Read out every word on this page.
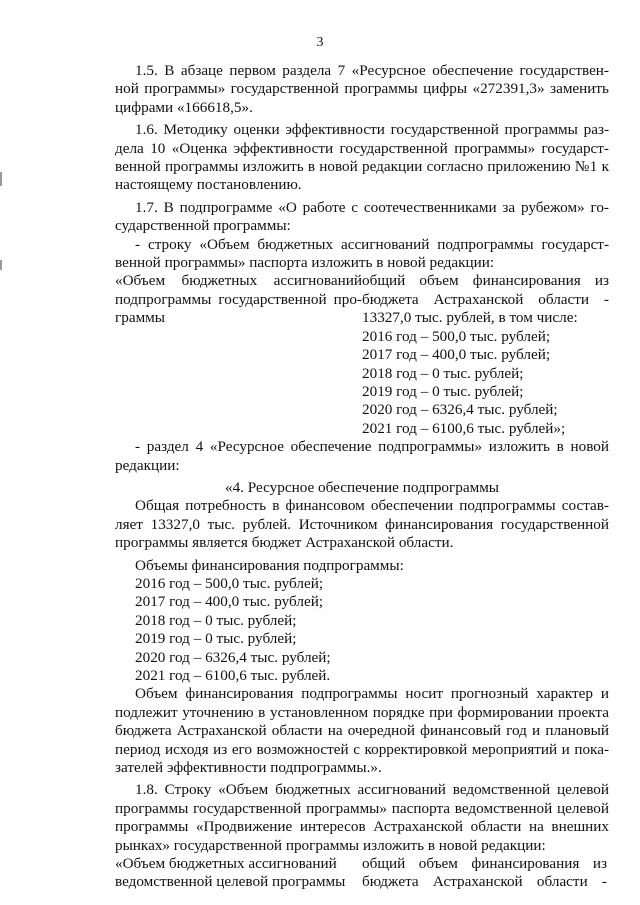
3
1.5. В абзаце первом раздела 7 «Ресурсное обеспечение государствен-
ной программы» государственной программы цифры «272391,3» заменить
цифрами «166618,5».
1.6. Методику оценки эффективности государственной программы раз-
дела 10 «Оценка эффективности государственной программы» государст-
венной программы изложить в новой редакции согласно приложению №1 к
настоящему постановлению.
1.7. В подпрограмме «О работе с соотечественниками за рубежом» го-
сударственной программы:
- строку «Объем бюджетных ассигнований подпрограммы государст-
венной программы» паспорта изложить в новой редакции:
«Объем бюджетных ассигнований
подпрограммы государственной про-
граммы
общий объем финансирования из
бюджета Астраханской области -
13327,0 тыс. рублей, в том числе:
2016 год – 500,0 тыс. рублей;
2017 год – 400,0 тыс. рублей;
2018 год – 0 тыс. рублей;
2019 год – 0 тыс. рублей;
2020 год – 6326,4 тыс. рублей;
2021 год – 6100,6 тыс. рублей»;
- раздел 4 «Ресурсное обеспечение подпрограммы» изложить в новой
редакции:
«4. Ресурсное обеспечение подпрограммы
Общая потребность в финансовом обеспечении подпрограммы состав-
ляет 13327,0 тыс. рублей. Источником финансирования государственной
программы является бюджет Астраханской области.
Объемы финансирования подпрограммы:
2016 год – 500,0 тыс. рублей;
2017 год – 400,0 тыс. рублей;
2018 год – 0 тыс. рублей;
2019 год – 0 тыс. рублей;
2020 год – 6326,4 тыс. рублей;
2021 год – 6100,6 тыс. рублей.
Объем финансирования подпрограммы носит прогнозный характер и
подлежит уточнению в установленном порядке при формировании проекта
бюджета Астраханской области на очередной финансовый год и плановый
период исходя из его возможностей с корректировкой мероприятий и пока-
зателей эффективности подпрограммы.».
1.8. Строку «Объем бюджетных ассигнований ведомственной целевой
программы государственной программы» паспорта ведомственной целевой
программы «Продвижение интересов Астраханской области на внешних
рынках» государственной программы изложить в новой редакции:
«Объем бюджетных ассигнований
ведомственной целевой программы
общий объем финансирования из
бюджета Астраханской области -
